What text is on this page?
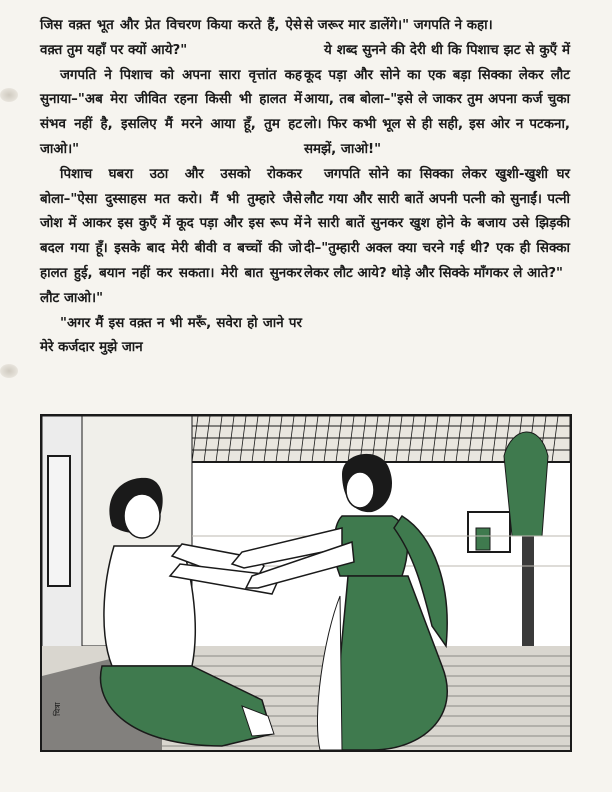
जिस वक़्त भूत और प्रेत विचरण किया करते हैं, ऐसे वक़्त तुम यहाँ पर क्यों आये?"

जगपति ने पिशाच को अपना सारा वृत्तांत कह सुनाया–"अब मेरा जीवित रहना किसी भी हालत में संभव नहीं है, इसलिए मैं मरने आया हूँ, तुम हट जाओ।"

पिशाच घबरा उठा और उसको रोककर बोला–"ऐसा दुस्साहस मत करो। मैं भी तुम्हारे जैसे जोश में आकर इस कुएँ में कूद पड़ा और इस रूप में बदल गया हूँ। इसके बाद मेरी बीवी व बच्चों की जो हालत हुई, बयान नहीं कर सकता। मेरी बात सुनकर लौट जाओ।"

"अगर मैं इस वक़्त न भी मरूँ, सवेरा हो जाने पर मेरे कर्जदार मुझे जान

से जरूर मार डालेंगे।" जगपति ने कहा।

ये शब्द सुनने की देरी थी कि पिशाच झट से कुएँ में कूद पड़ा और सोने का एक बड़ा सिक्का लेकर लौट आया, तब बोला–"इसे ले जाकर तुम अपना कर्ज चुका लो। फिर कभी भूल से ही सही, इस ओर न पटकना, समझें, जाओ!"

जगपति सोने का सिक्का लेकर खुशी-खुशी घर लौट गया और सारी बातें अपनी पत्नी को सुनाईं। पत्नी ने सारी बातें सुनकर खुश होने के बजाय उसे झिड़की दी–"तुम्हारी अक्ल क्या चरने गई थी? एक ही सिक्का लेकर लौट आये? थोड़े और सिक्के माँगकर ले आते?"

चित्रा
